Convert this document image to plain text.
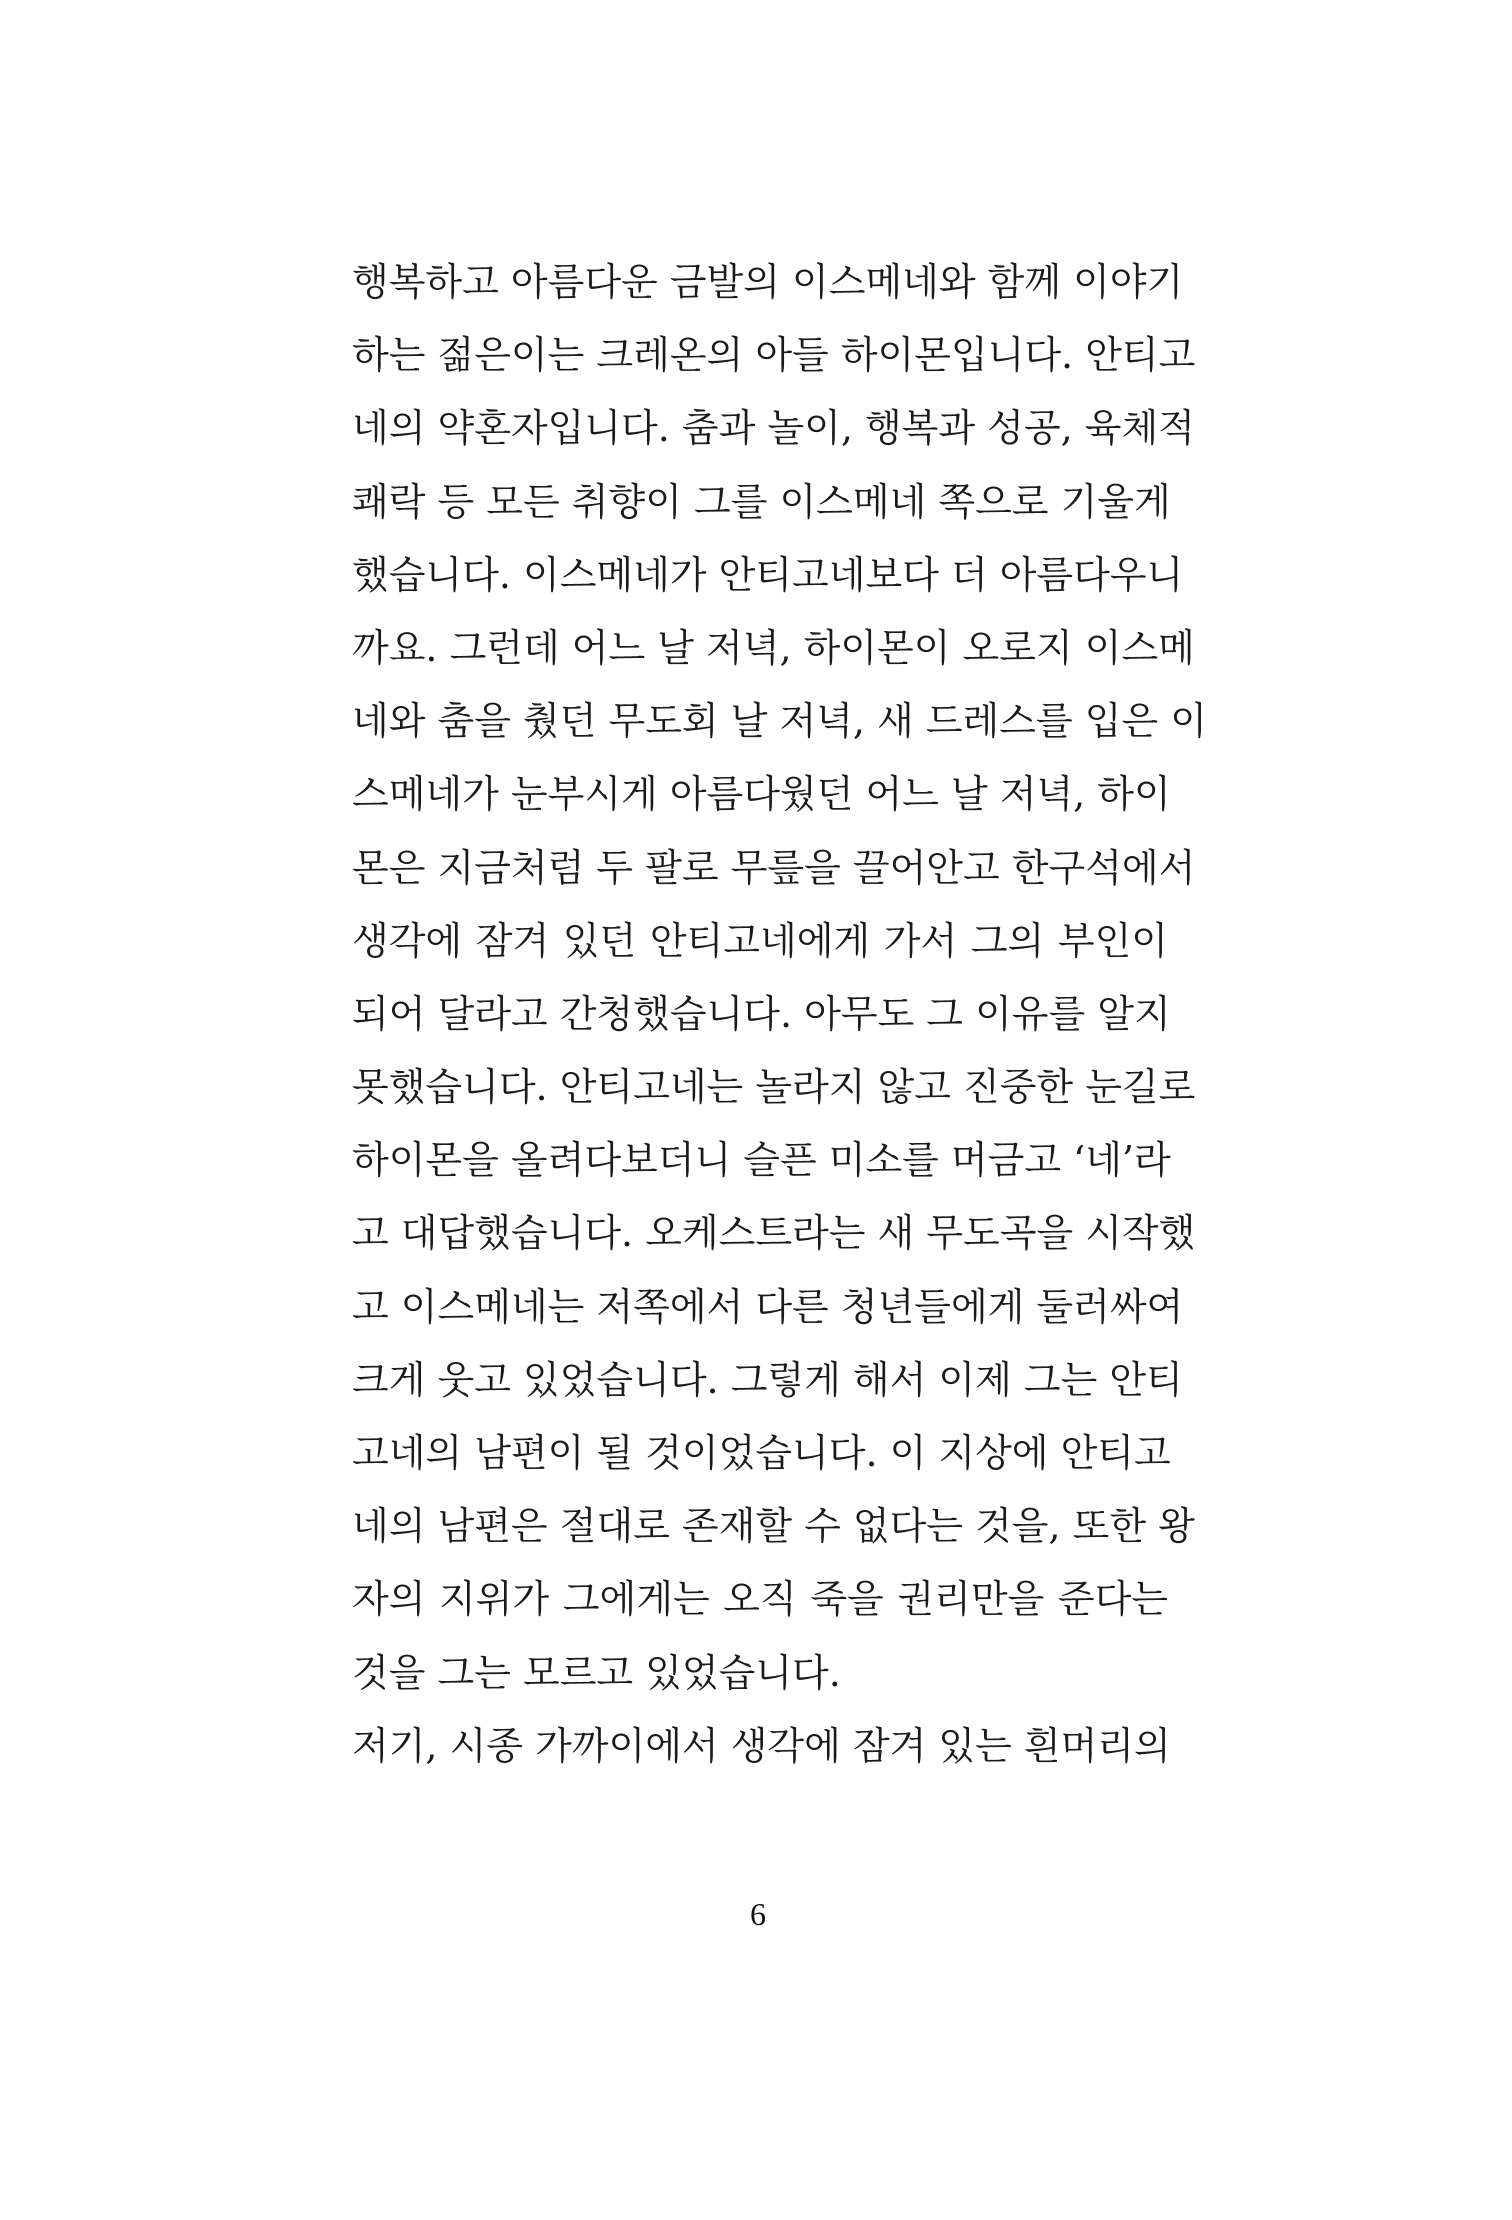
행복하고 아름다운 금발의 이스메네와 함께 이야기
하는 젊은이는 크레온의 아들 하이몬입니다. 안티고
네의 약혼자입니다. 춤과 놀이, 행복과 성공, 육체적
쾌락 등 모든 취향이 그를 이스메네 쪽으로 기울게
했습니다. 이스메네가 안티고네보다 더 아름다우니
까요. 그런데 어느 날 저녁, 하이몬이 오로지 이스메
네와 춤을 췄던 무도회 날 저녁, 새 드레스를 입은 이
스메네가 눈부시게 아름다웠던 어느 날 저녁, 하이
몬은 지금처럼 두 팔로 무릎을 끌어안고 한구석에서
생각에 잠겨 있던 안티고네에게 가서 그의 부인이
되어 달라고 간청했습니다. 아무도 그 이유를 알지
못했습니다. 안티고네는 놀라지 않고 진중한 눈길로
하이몬을 올려다보더니 슬픈 미소를 머금고 ‘네’라
고 대답했습니다. 오케스트라는 새 무도곡을 시작했
고 이스메네는 저쪽에서 다른 청년들에게 둘러싸여
크게 웃고 있었습니다. 그렇게 해서 이제 그는 안티
고네의 남편이 될 것이었습니다. 이 지상에 안티고
네의 남편은 절대로 존재할 수 없다는 것을, 또한 왕
자의 지위가 그에게는 오직 죽을 권리만을 준다는
것을 그는 모르고 있었습니다.
저기, 시종 가까이에서 생각에 잠겨 있는 흰머리의
6
